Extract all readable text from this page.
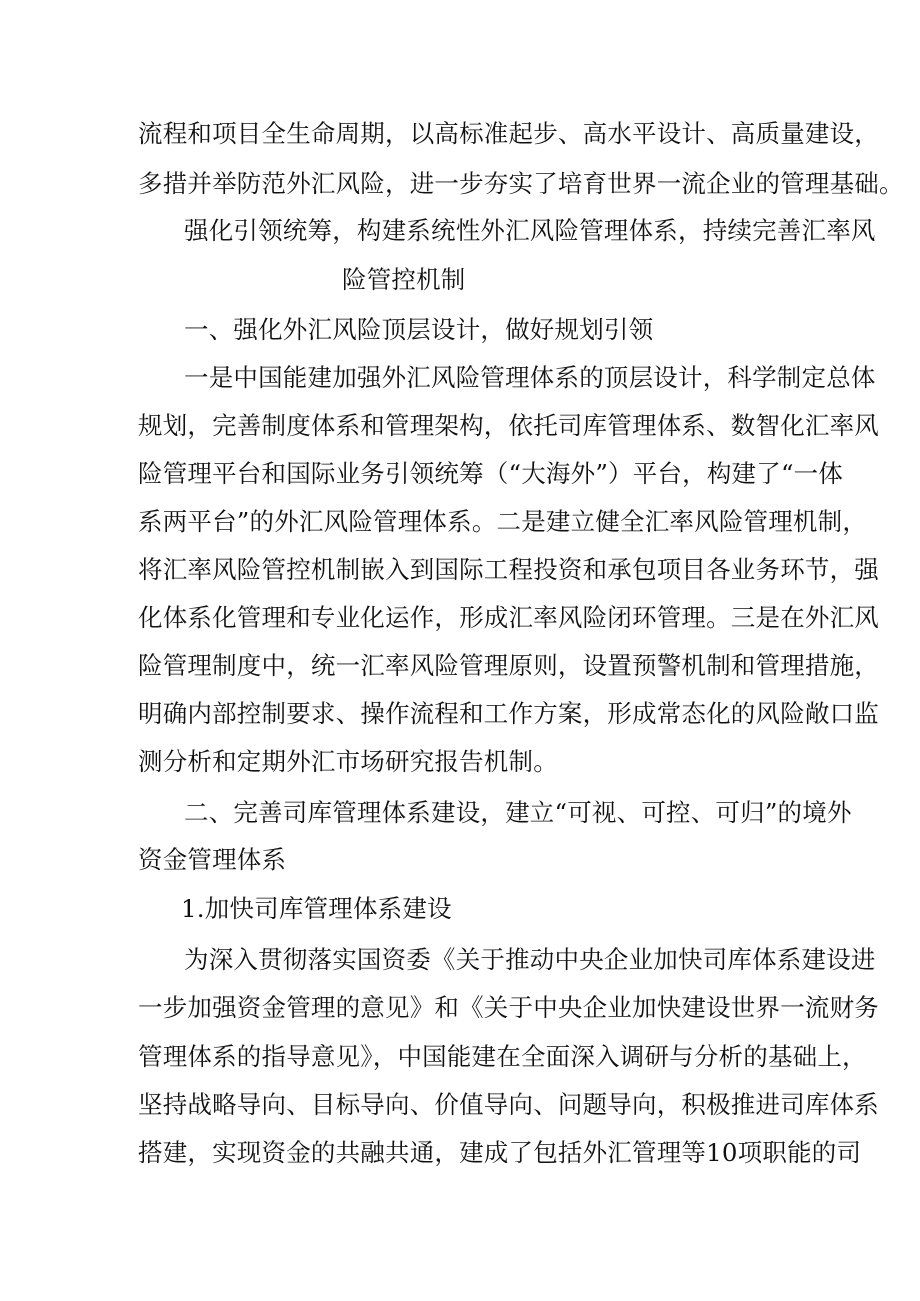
流程和项目全生命周期，以高标准起步、高水平设计、高质量建设，
多措并举防范外汇风险，进一步夯实了培育世界一流企业的管理基础。
强化引领统筹，构建系统性外汇风险管理体系，持续完善汇率风
险管控机制
一、强化外汇风险顶层设计，做好规划引领
一是中国能建加强外汇风险管理体系的顶层设计，科学制定总体
规划，完善制度体系和管理架构，依托司库管理体系、数智化汇率风
险管理平台和国际业务引领统筹（“大海外”）平台，构建了“一体
系两平台”的外汇风险管理体系。二是建立健全汇率风险管理机制，
将汇率风险管控机制嵌入到国际工程投资和承包项目各业务环节，强
化体系化管理和专业化运作，形成汇率风险闭环管理。三是在外汇风
险管理制度中，统一汇率风险管理原则，设置预警机制和管理措施，
明确内部控制要求、操作流程和工作方案，形成常态化的风险敞口监
测分析和定期外汇市场研究报告机制。
二、完善司库管理体系建设，建立“可视、可控、可归”的境外
资金管理体系
1.加快司库管理体系建设
为深入贯彻落实国资委《关于推动中央企业加快司库体系建设进
一步加强资金管理的意见》和《关于中央企业加快建设世界一流财务
管理体系的指导意见》，中国能建在全面深入调研与分析的基础上，
坚持战略导向、目标导向、价值导向、问题导向，积极推进司库体系
搭建，实现资金的共融共通，建成了包括外汇管理等10项职能的司
